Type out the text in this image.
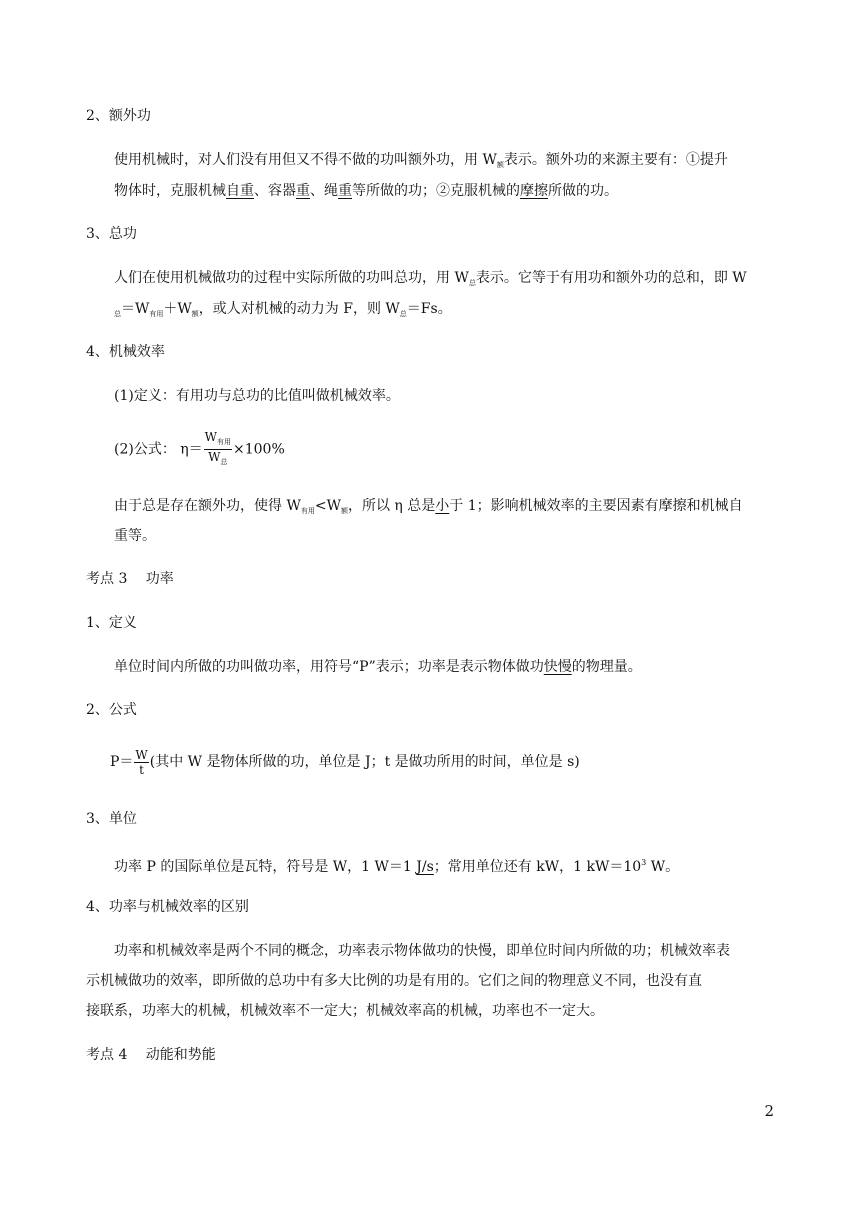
2、额外功
使用机械时，对人们没有用但又不得不做的功叫额外功，用 $W_额$表示。额外功的来源主要有：①提升
物体时，克服机械自重、容器重、绳重等所做的功；②克服机械的摩擦所做的功。
3、总功
人们在使用机械做功的过程中实际所做的功叫总功，用 $W_总$表示。它等于有用功和额外功的总和，即 W
$_总=W_{有用}+W_额$，或人对机械的动力为 F，则 $W_总=Fs$。
4、机械效率
(1)定义：有用功与总功的比值叫做机械效率。
(2)公式： $\eta= \frac{W_{有用}}{W_总} \times 100\%$
由于总是存在额外功，使得 $W_{有用}<W_额$，所以 η 总是小于 1；影响机械效率的主要因素有摩擦和机械自
重等。
考点 3　 功率
1、定义
单位时间内所做的功叫做功率，用符号“P”表示；功率是表示物体做功快慢的物理量。
2、公式
$P= \frac{W}{t}$ (其中 W 是物体所做的功，单位是 J；t 是做功所用的时间，单位是 s)
3、单位
功率 P 的国际单位是瓦特，符号是 W，1 W＝1 J/s；常用单位还有 kW，1 $kW=10^3$ W。
4、功率与机械效率的区别
功率和机械效率是两个不同的概念，功率表示物体做功的快慢，即单位时间内所做的功；机械效率表
示机械做功的效率，即所做的总功中有多大比例的功是有用的。它们之间的物理意义不同，也没有直
接联系，功率大的机械，机械效率不一定大；机械效率高的机械，功率也不一定大。
考点 4　 动能和势能
2
